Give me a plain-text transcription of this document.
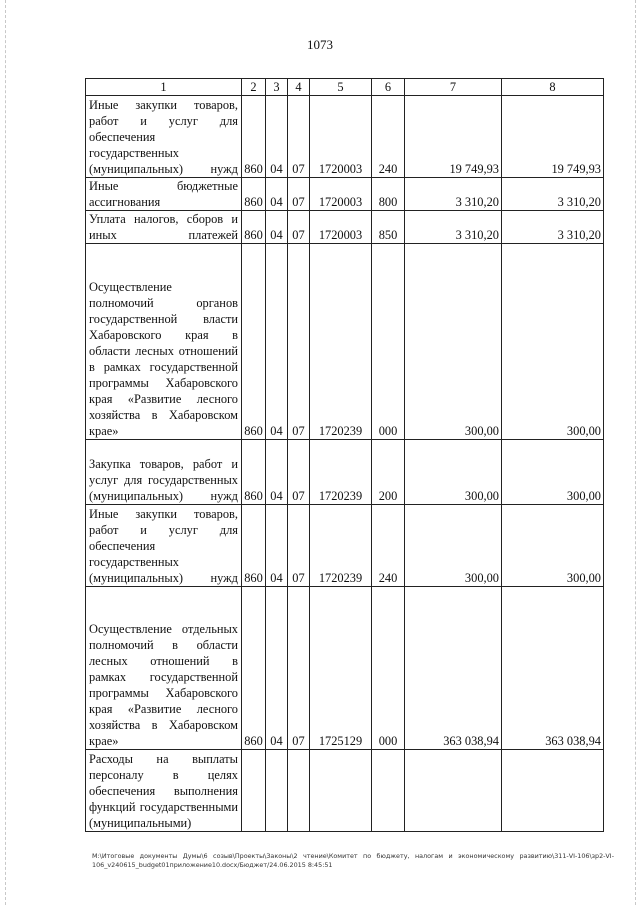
1073
1	2	3	4	5	6	7	8
Иные закупки товаров, работ и услуг для обеспечения государственных (муниципальных) нужд	860	04	07	1720003	240	19 749,93	19 749,93
Иные бюджетные ассигнования	860	04	07	1720003	800	3 310,20	3 310,20
Уплата налогов, сборов и иных платежей	860	04	07	1720003	850	3 310,20	3 310,20
Осуществление полномочий органов государственной власти Хабаровского края в области лесных отношений в рамках государственной программы Хабаровского края «Развитие лесного хозяйства в Хабаровском крае»	860	04	07	1720239	000	300,00	300,00
Закупка товаров, работ и услуг для государственных (муниципальных) нужд	860	04	07	1720239	200	300,00	300,00
Иные закупки товаров, работ и услуг для обеспечения государственных (муниципальных) нужд	860	04	07	1720239	240	300,00	300,00
Осуществление отдельных полномочий в области лесных отношений в рамках государственной программы Хабаровского края «Развитие лесного хозяйства в Хабаровском крае»	860	04	07	1725129	000	363 038,94	363 038,94
Расходы на выплаты персоналу в целях обеспечения выполнения функций государственными (муниципальными)							
M:\Итоговые документы Думы\6 созыв\Проекты\Законы\2 чтение\Комитет по бюджету, налогам и экономическому развитию\311-VI-106\зр2-VI-106_v240615_budget01приложение10.docx/Бюджет/24.06.2015 8:45:51
